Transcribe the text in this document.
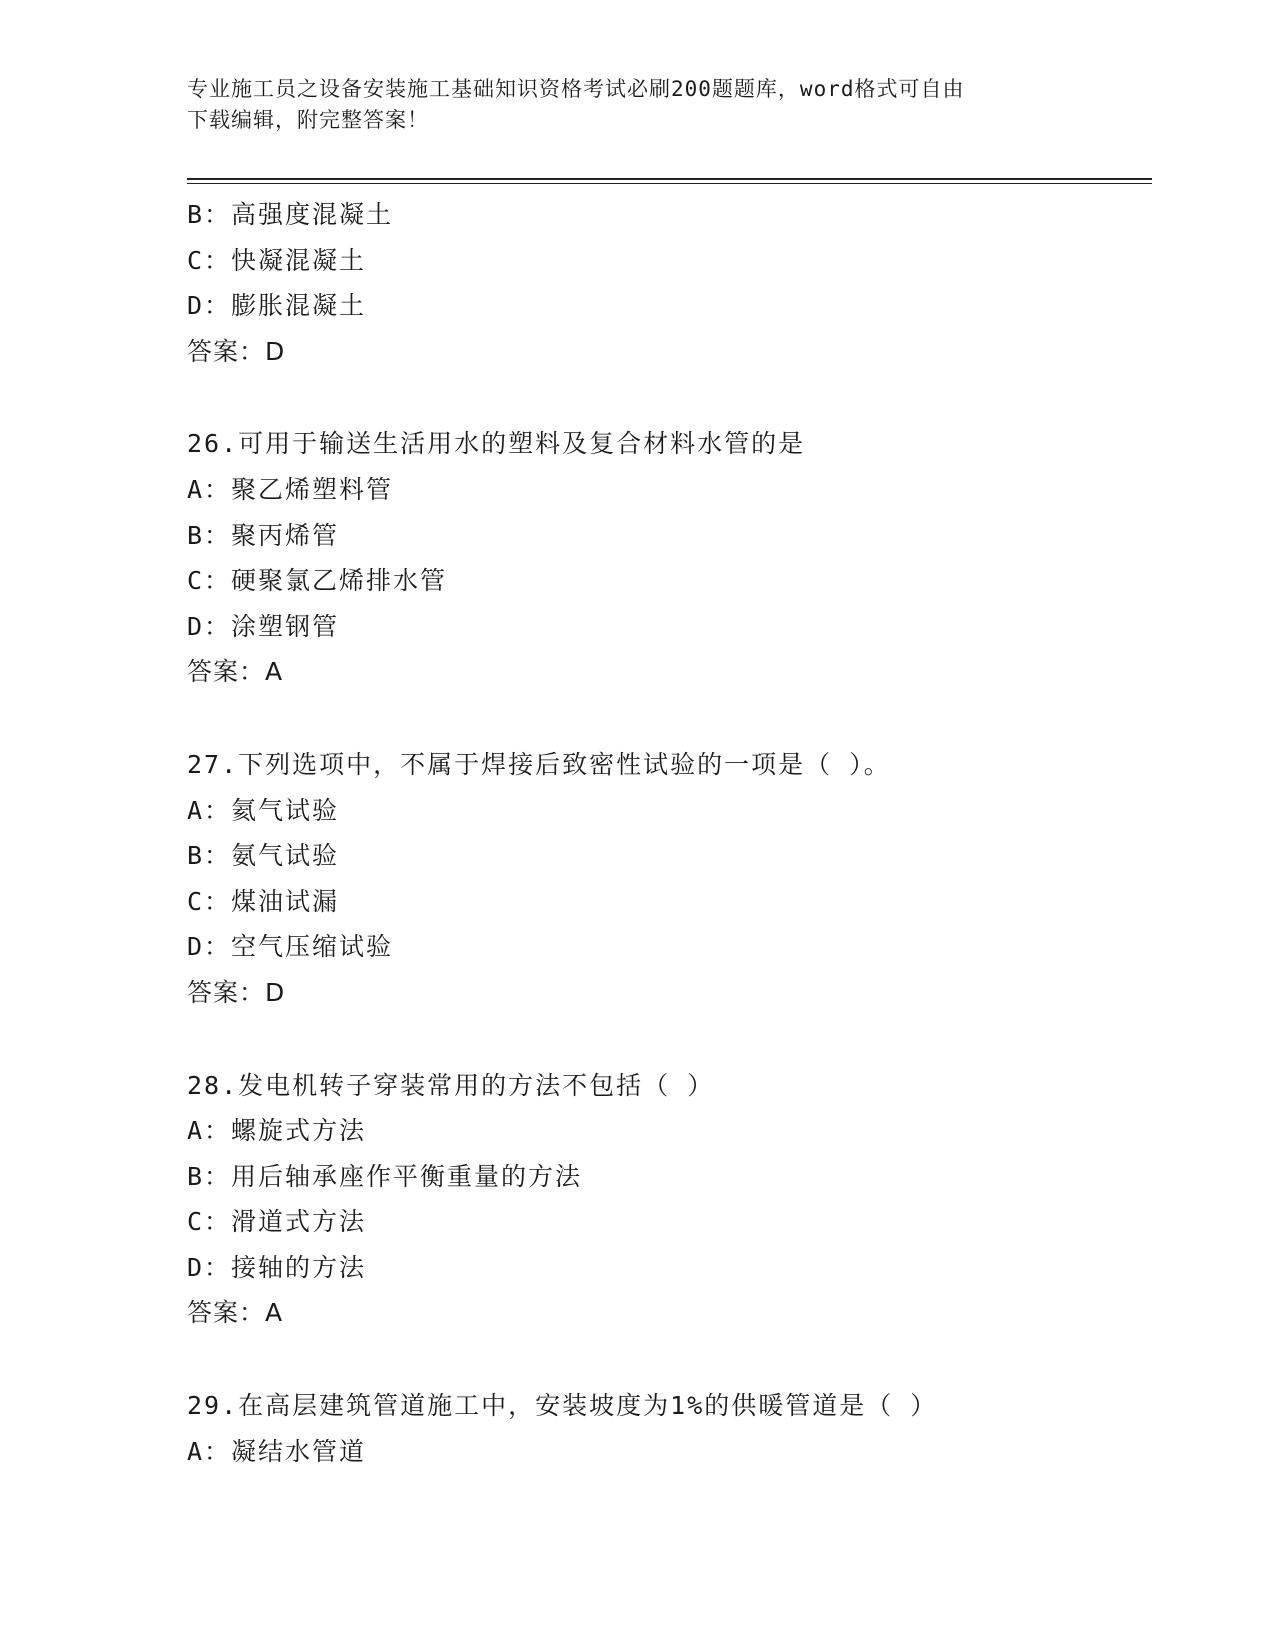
专业施工员之设备安装施工基础知识资格考试必刷200题题库，word格式可自由
下载编辑，附完整答案！
B：高强度混凝土
C：快凝混凝土
D：膨胀混凝土
答案：D
26.可用于输送生活用水的塑料及复合材料水管的是
A：聚乙烯塑料管
B：聚丙烯管
C：硬聚氯乙烯排水管
D：涂塑钢管
答案：A
27.下列选项中，不属于焊接后致密性试验的一项是（ ）。
A：氦气试验
B：氨气试验
C：煤油试漏
D：空气压缩试验
答案：D
28.发电机转子穿装常用的方法不包括（ ）
A：螺旋式方法
B：用后轴承座作平衡重量的方法
C：滑道式方法
D：接轴的方法
答案：A
29.在高层建筑管道施工中，安装坡度为1%的供暖管道是（ ）
A：凝结水管道
